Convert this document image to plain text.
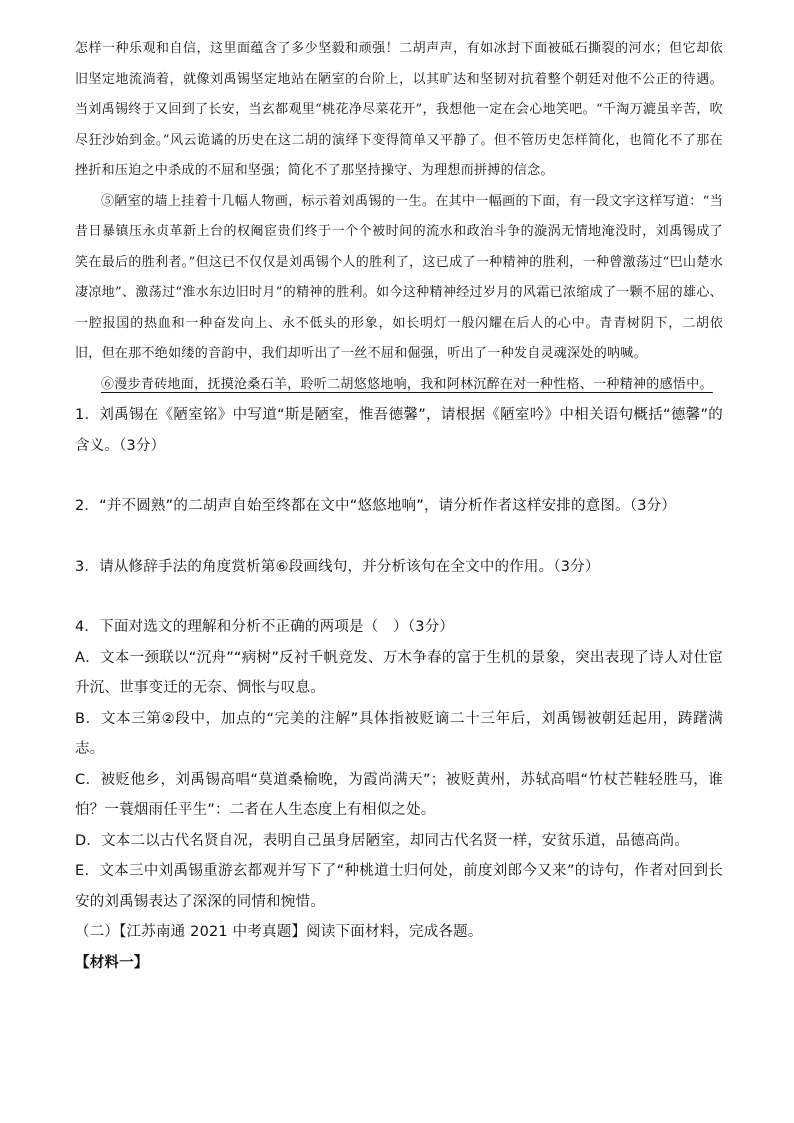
怎样一种乐观和自信，这里面蕴含了多少坚毅和顽强！二胡声声，有如冰封下面被砥石撕裂的河水；但它却依旧坚定地流淌着，就像刘禹锡坚定地站在陋室的台阶上，以其旷达和坚韧对抗着整个朝廷对他不公正的待遇。当刘禹锡终于又回到了长安，当玄都观里“桃花净尽菜花开”，我想他一定在会心地笑吧。“千淘万漉虽辛苦，吹尽狂沙始到金。”风云诡谲的历史在这二胡的演绎下变得简单又平静了。但不管历史怎样简化，也简化不了那在挫折和压迫之中杀成的不屈和坚强；简化不了那坚持操守、为理想而拼搏的信念。

⑤陋室的墙上挂着十几幅人物画，标示着刘禹锡的一生。在其中一幅画的下面，有一段文字这样写道：“当昔日暴镇压永贞革新上台的权阉宦贵们终于一个个被时间的流水和政治斗争的漩涡无情地淹没时，刘禹锡成了笑在最后的胜利者。”但这已不仅仅是刘禹锡个人的胜利了，这已成了一种精神的胜利，一种曾激荡过“巴山楚水凄凉地”、激荡过“淮水东边旧时月”的精神的胜利。如今这种精神经过岁月的风霜已浓缩成了一颗不屈的雄心、一腔报国的热血和一种奋发向上、永不低头的形象，如长明灯一般闪耀在后人的心中。青青树阴下，二胡依旧，但在那不绝如缕的音韵中，我们却听出了一丝不屈和倔强，听出了一种发自灵魂深处的呐喊。

⑥漫步青砖地面，抚摸沧桑石羊，聆听二胡悠悠地响，我和阿林沉醉在对一种性格、一种精神的感悟中。

1．刘禹锡在《陋室铭》中写道“斯是陋室，惟吾德馨”，请根据《陋室吟》中相关语句概括“德馨”的含义。（3分）

2．“并不圆熟”的二胡声自始至终都在文中“悠悠地响”，请分析作者这样安排的意图。（3分）

3．请从修辞手法的角度赏析第⑥段画线句，并分析该句在全文中的作用。（3分）

4．下面对选文的理解和分析不正确的两项是（　）（3分）

A．文本一颈联以“沉舟”“病树”反衬千帆竞发、万木争春的富于生机的景象，突出表现了诗人对仕宦升沉、世事变迁的无奈、惆怅与叹息。

B．文本三第②段中，加点的“完美的注解”具体指被贬谪二十三年后，刘禹锡被朝廷起用，踌躇满志。

C．被贬他乡，刘禹锡高唱“莫道桑榆晚，为霞尚满天”；被贬黄州，苏轼高唱“竹杖芒鞋轻胜马，谁怕？一蓑烟雨任平生”：二者在人生态度上有相似之处。

D．文本二以古代名贤自况，表明自己虽身居陋室，却同古代名贤一样，安贫乐道，品德高尚。

E．文本三中刘禹锡重游玄都观并写下了“种桃道士归何处，前度刘郎今又来”的诗句，作者对回到长安的刘禹锡表达了深深的同情和惋惜。

（二）【江苏南通 2021 中考真题】阅读下面材料，完成各题。

【材料一】
